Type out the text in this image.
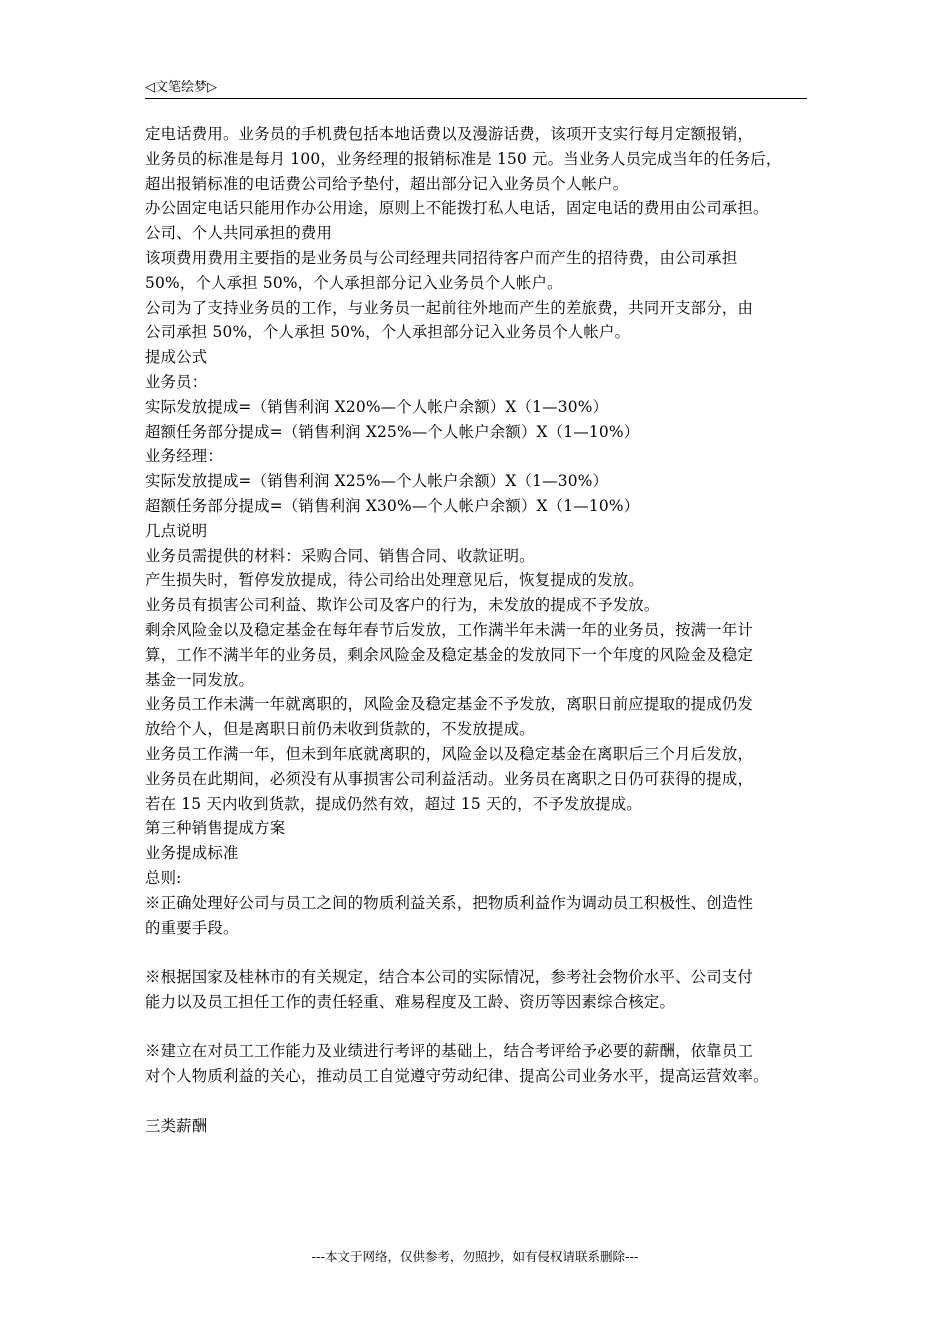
◁文笔绘梦▷

定电话费用。业务员的手机费包括本地话费以及漫游话费，该项开支实行每月定额报销，

业务员的标准是每月 100，业务经理的报销标准是 150 元。当业务人员完成当年的任务后，

超出报销标准的电话费公司给予垫付，超出部分记入业务员个人帐户。

办公固定电话只能用作办公用途，原则上不能拨打私人电话，固定电话的费用由公司承担。

公司、个人共同承担的费用

该项费用费用主要指的是业务员与公司经理共同招待客户而产生的招待费，由公司承担

50%，个人承担 50%，个人承担部分记入业务员个人帐户。

公司为了支持业务员的工作，与业务员一起前往外地而产生的差旅费，共同开支部分，由

公司承担 50%，个人承担 50%，个人承担部分记入业务员个人帐户。

提成公式

业务员：

实际发放提成=（销售利润 X20%—个人帐户余额）X（1—30%）

超额任务部分提成=（销售利润 X25%—个人帐户余额）X（1—10%）

业务经理：

实际发放提成=（销售利润 X25%—个人帐户余额）X（1—30%）

超额任务部分提成=（销售利润 X30%—个人帐户余额）X（1—10%）

几点说明

业务员需提供的材料：采购合同、销售合同、收款证明。

产生损失时，暂停发放提成，待公司给出处理意见后，恢复提成的发放。

业务员有损害公司利益、欺诈公司及客户的行为，未发放的提成不予发放。

剩余风险金以及稳定基金在每年春节后发放，工作满半年未满一年的业务员，按满一年计

算，工作不满半年的业务员，剩余风险金及稳定基金的发放同下一个年度的风险金及稳定

基金一同发放。

业务员工作未满一年就离职的，风险金及稳定基金不予发放，离职日前应提取的提成仍发

放给个人，但是离职日前仍未收到货款的，不发放提成。

业务员工作满一年，但未到年底就离职的，风险金以及稳定基金在离职后三个月后发放，

业务员在此期间，必须没有从事损害公司利益活动。业务员在离职之日仍可获得的提成，

若在 15 天内收到货款，提成仍然有效，超过 15 天的，不予发放提成。

第三种销售提成方案

业务提成标准

总则:

※正确处理好公司与员工之间的物质利益关系，把物质利益作为调动员工积极性、创造性

的重要手段。

※根据国家及桂林市的有关规定，结合本公司的实际情况，参考社会物价水平、公司支付

能力以及员工担任工作的责任轻重、难易程度及工龄、资历等因素综合核定。

※建立在对员工工作能力及业绩进行考评的基础上，结合考评给予必要的薪酬，依靠员工

对个人物质利益的关心，推动员工自觉遵守劳动纪律、提高公司业务水平，提高运营效率。

三类薪酬

---本文于网络，仅供参考，勿照抄，如有侵权请联系删除---
